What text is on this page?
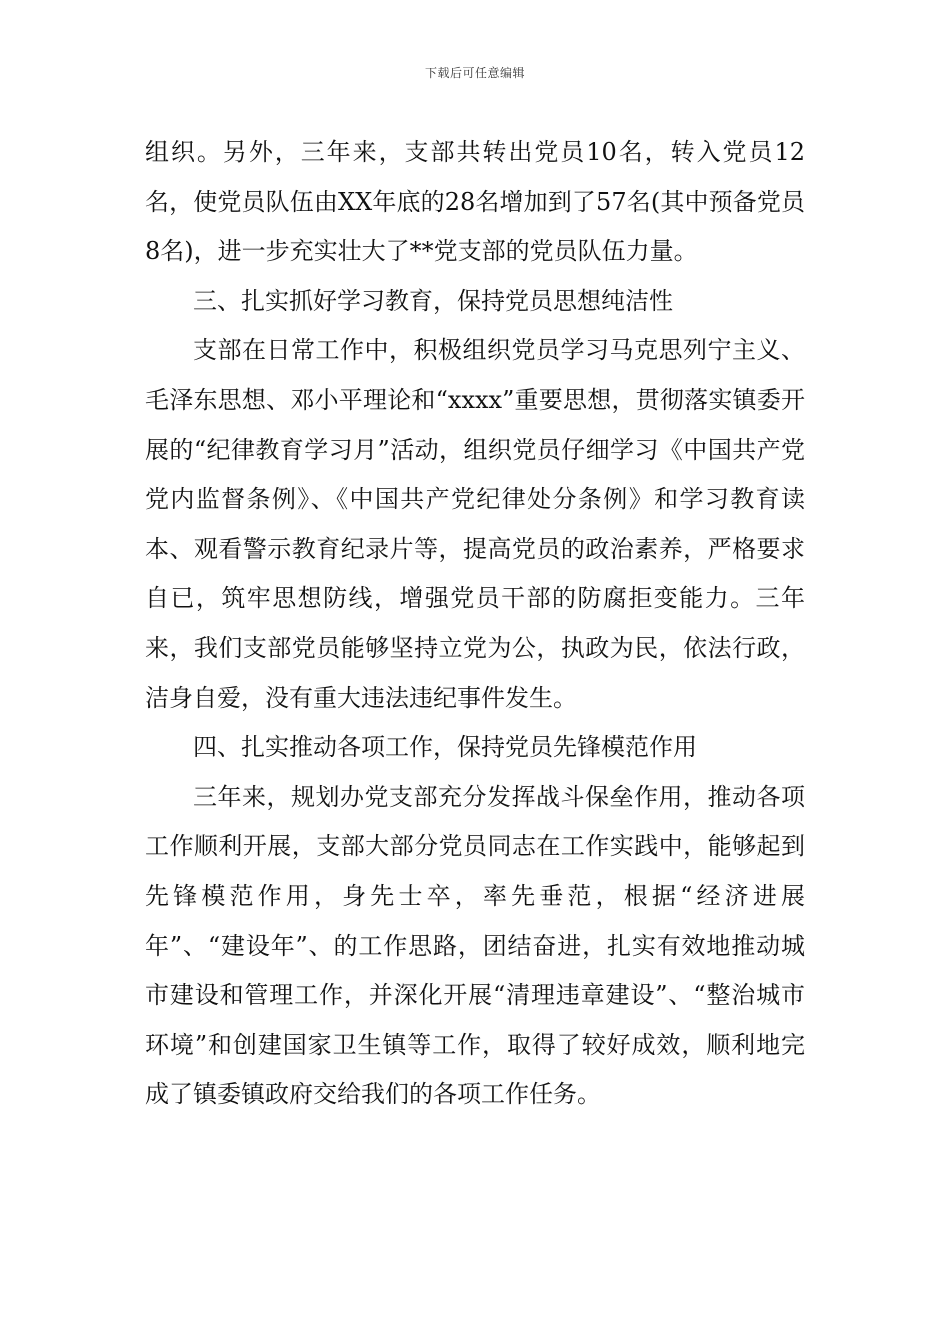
下载后可任意编辑

组织。另外，三年来，支部共转出党员10名，转入党员12名，使党员队伍由XX年底的28名增加到了57名(其中预备党员8名)，进一步充实壮大了**党支部的党员队伍力量。

三、扎实抓好学习教育，保持党员思想纯洁性

支部在日常工作中，积极组织党员学习马克思列宁主义、毛泽东思想、邓小平理论和“xxxx”重要思想，贯彻落实镇委开展的“纪律教育学习月”活动，组织党员仔细学习《中国共产党党内监督条例》、《中国共产党纪律处分条例》和学习教育读本、观看警示教育纪录片等，提高党员的政治素养，严格要求自已，筑牢思想防线，增强党员干部的防腐拒变能力。三年来，我们支部党员能够坚持立党为公，执政为民，依法行政，洁身自爱，没有重大违法违纪事件发生。

四、扎实推动各项工作，保持党员先锋模范作用

三年来，规划办党支部充分发挥战斗保垒作用，推动各项工作顺利开展，支部大部分党员同志在工作实践中，能够起到先锋模范作用，身先士卒，率先垂范，根据“经济进展年”、“建设年”、的工作思路，团结奋进，扎实有效地推动城市建设和管理工作，并深化开展“清理违章建设”、“整治城市环境”和创建国家卫生镇等工作，取得了较好成效，顺利地完成了镇委镇政府交给我们的各项工作任务。
